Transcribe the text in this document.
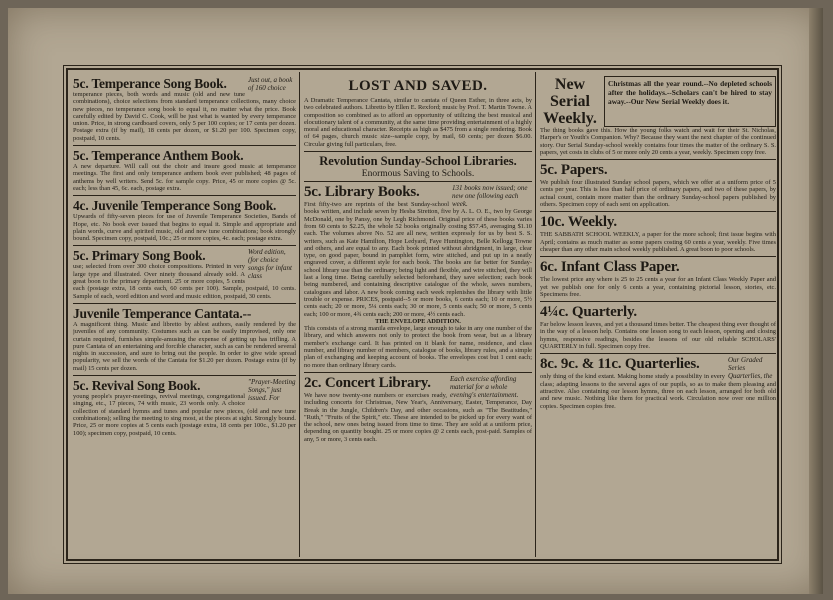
Just out, a book of 160 choice
5c. Temperance Song Book.
temperance pieces, both words and music (old and new tune combinations), choice selections from standard temperance collections, many choice new pieces, no temperance song book to equal it, no matter what the price. Book carefully edited by David C. Cook, will be just what is wanted by every temperance union. Price, in strong cardboard covers, only 5 per 100 copies; or 17 cents per dozen. Postage extra (if by mail), 18 cents per dozen, or $1.20 per 100. Specimen copy, postpaid, 10 cents.
5c. Temperance Anthem Book.
A new departure. Will call out the choir and insure good music at temperance meetings. The first and only temperance anthem book ever published; 48 pages of anthems by well writers. Send 5c. for sample copy. Price, 45 or more copies @ 5c. each; less than 45, 6c. each, postage extra.
4c. Juvenile Temperance Song Book.
Upwards of fifty-seven pieces for use of Juvenile Temperance Societies, Bands of Hope, etc. No book ever issued that begins to equal it. Simple and appropriate and plain words, curve and spirited music, old and new tune combinations; book strongly bound. Specimen copy, postpaid, 10c.; 25 or more copies, 4c. each; postage extra.
Word edition, (for choice songs for infant class
5c. Primary Song Book.
use; selected from over 300 choice compositions. Printed in very large type and illustrated. Over ninety thousand already sold. A great boon to the primary department. 25 or more copies, 5 cents each (postage extra, 18 cents each, 60 cents per 100). Sample, postpaid, 10 cents. Sample of each, word edition and word and music edition, postpaid, 30 cents.
Juvenile Temperance Cantata.--
A magnificent thing. Music and libretto by ablest authors, easily rendered by the juveniles of any community. Costumes such as can be easily improvised, only one curtain required, furnishes simple-amusing the expense of getting up has trifling. A pure Cantata of an entertaining and forcible character, such as can be rendered several nights in succession, and sure to bring out the people. In order to give wide spread popularity, we sell the words of the Cantata for $1.20 per dozen. Postage extra (if by mail) 15 cents per dozen.
"Prayer-Meeting Songs," just issued. For
5c. Revival Song Book.
young people's prayer-meetings, revival meetings, congregational singing, etc., 17 pieces, 74 with music, 23 words only. A choice collection of standard hymns and tunes and popular new pieces, (old and new tune combinations); selling the meeting to sing most, at the pieces at sight. Strongly bound. Price, 25 or more copies at 5 cents each (postage extra, 18 cents per 100c., $1.20 per 100); specimen copy, postpaid, 10 cents.
LOST AND SAVED.
A Dramatic Temperance Cantata, similar to cantata of Queen Esther, in three acts, by two celebrated authors. Libretto by Ellen E. Rexford; music by Prof. T. Martin Towne. A composition so combined as to afford an opportunity of utilizing the best musical and elocutionary talent of a community, at the same time providing entertainment of a highly moral and educational character. Receipts as high as $475 from a single rendering. Book of 64 pages, church music size--sample copy, by mail, 60 cents; per dozen $6.00. Circular giving full particulars, free.
Revolution Sunday-School Libraries.
Enormous Saving to Schools.
131 books now issued; one new one following each week.
5c. Library Books.
First fifty-two are reprints of the best Sunday-school books written, and include seven by Hesba Stretton, five by A. L. O. E., two by George McDonald, one by Pansy, one by Legh Richmond. Original price of these books varies from 60 cents to $2.25, the whole 52 books originally costing $57.45, averaging $1.10 each. The volumes above No. 52 are all new, written expressly for us by best S. S. writers, such as Kate Hamilton, Hope Ledyard, Faye Huntington, Belle Kellogg Towne and others, and are equal to any. Each book printed without abridgment, in large, clear type, on good paper, bound in pamphlet form, wire stitched, and put up in a neatly engraved cover, a different style for each book. The books are far better for Sunday-school library use than the ordinary; being light and flexible, and wire stitched, they will last a long time. Being carefully selected beforehand, they save selection; each book being numbered, and containing descriptive catalogue of the whole, saves numbers, catalogues and labor. A new book coming each week replenishes the library with little trouble or expense. PRICES, postpaid--5 or more books, 6 cents each; 10 or more, 5½ cents each; 20 or more, 5¼ cents each; 30 or more, 5 cents each; 50 or more, 5 cents each; 100 or more, 4¾ cents each; 200 or more, 4½ cents each.
THE ENVELOPE ADDITION.
This consists of a strong manila envelope, large enough to take in any one number of the library, and which answers not only to protect the book from wear, but as a library member's exchange card. It has printed on it blank for name, residence, and class number, and library number of members, catalogue of books, library rules, and a simple plan of exchanging and keeping account of books. The envelopes cost but 1 cent each; no more than ordinary library cards.
Each exercise affording material for a whole evening's entertainment.
2c. Concert Library.
We have now twenty-one numbers or exercises ready, including concerts for Christmas, New Year's, Anniversary, Easter, Temperance, Day Break in the Jungle, Children's Day, and other occasions, such as "The Beatitudes," "Ruth," "Fruits of the Spirit," etc. These are intended to be picked up for every want of the school, new ones being issued from time to time. They are sold at a uniform price, depending on quantity bought. 25 or more copies @ 2 cents each, post-paid. Samples of any, 5 or more, 3 cents each.
New Serial Weekly.
Christmas all the year round.--No depleted schools after the holidays.--Scholars can't be hired to stay away.--Our New Serial Weekly does it.
The thing books gave this. How the young folks watch and wait for their St. Nicholas, Harper's or Youth's Companion. Why? Because they want the next chapter of the continued story. Our Serial Sunday-school weekly contains four times the matter of the ordinary S. S. papers, yet costs in clubs of 5 or more only 20 cents a year, weekly. Specimen copy free.
5c. Papers.
We publish four illustrated Sunday school papers, which we offer at a uniform price of 5 cents per year. This is less than half price of ordinary papers, and two of these papers, by actual count, contain more matter than the ordinary Sunday-school papers published by others. Specimen copy of each sent on application.
10c. Weekly.
THE SABBATH SCHOOL WEEKLY, a paper for the more school; first issue begins with April; contains as much matter as some papers costing 60 cents a year, weekly. Five times cheaper than any other main school weekly published. A great boon to poor schools.
6c. Infant Class Paper.
The lowest price any where is 25 to 25 cents a year for an Infant Class Weekly Paper and yet we publish one for only 6 cents a year, containing pictorial lesson, stories, etc. Specimens free.
4¼c. Quarterly.
Far below lesson leaves, and yet a thousand times better. The cheapest thing ever thought of in the way of a lesson help. Contains one lesson song to each lesson, opening and closing hymns, responsive readings, besides the lessons of our old reliable SCHOLARS' QUARTERLY in full. Specimen copy free.
Our Graded Series Quarterlies, the
8c. 9c. & 11c. Quarterlies.
only thing of the kind extant. Making home study a possibility in every class; adapting lessons to the several ages of our pupils, so as to make them pleasing and attractive. Also containing our lesson hymns, three on each lesson, arranged for both old and new music. Nothing like them for practical work. Circulation now over one million copies. Specimen copies free.
